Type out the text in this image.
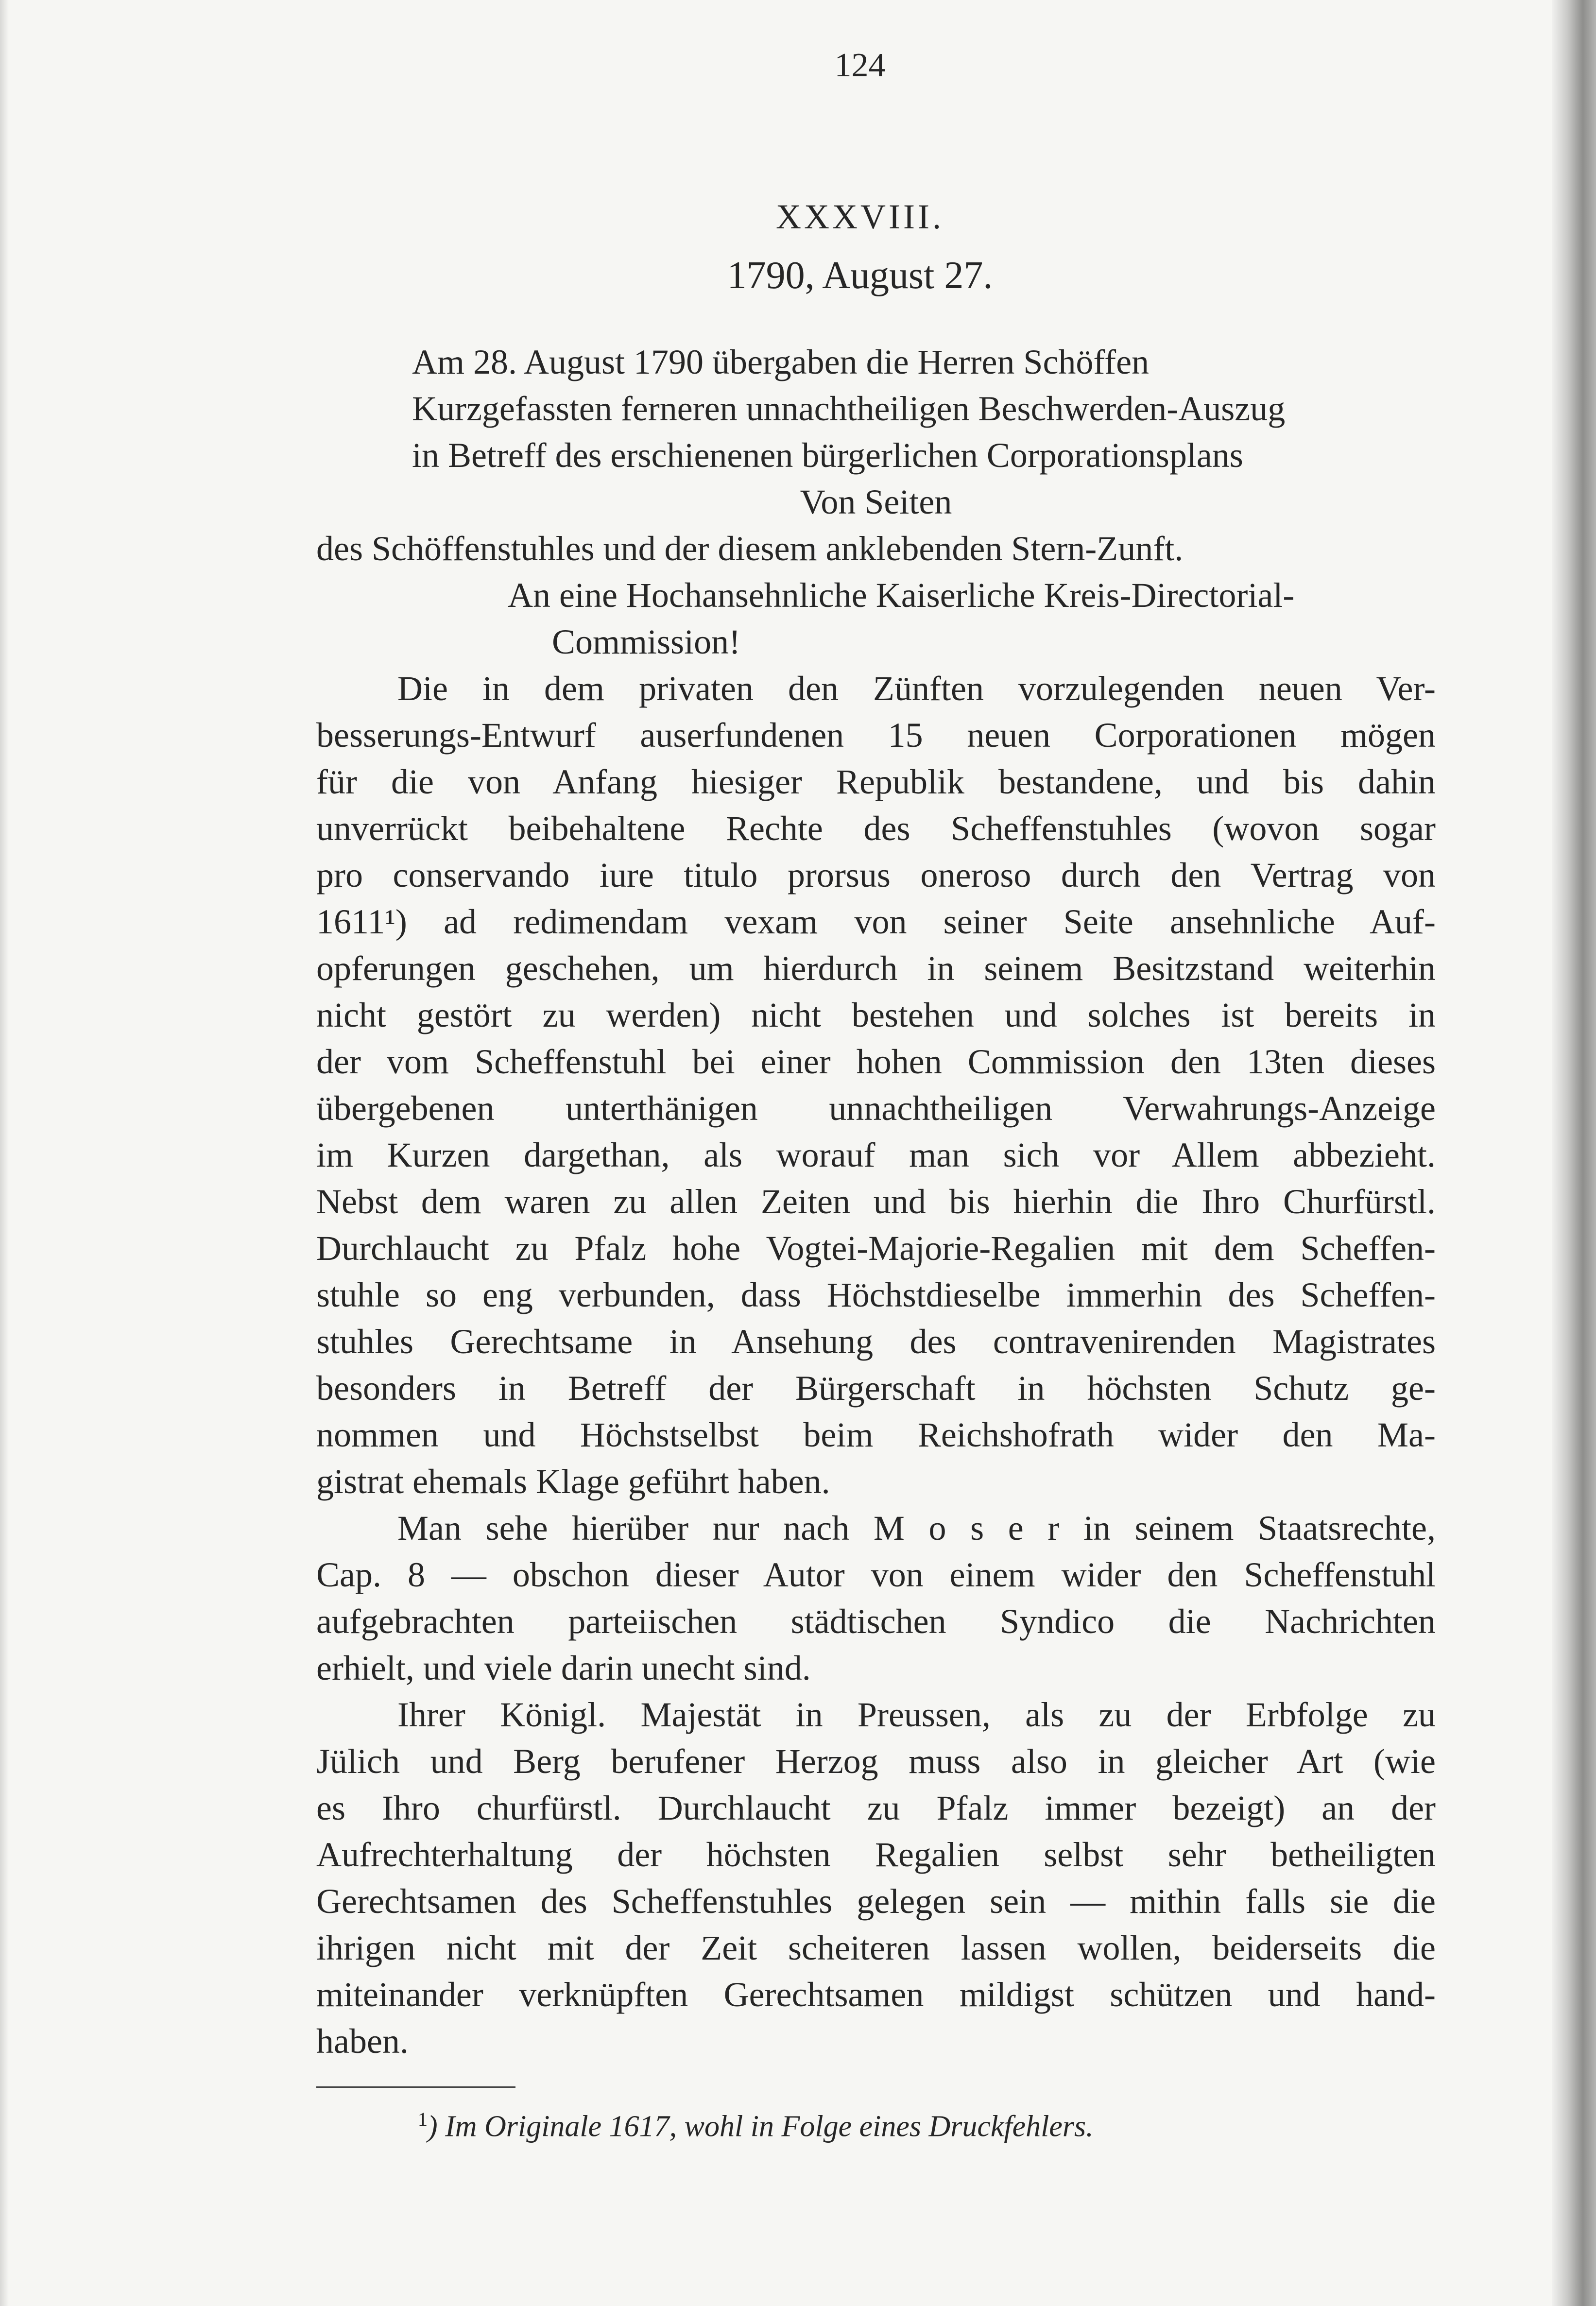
124
XXXVIII.
1790, August 27.
Am 28. August 1790 übergaben die Herren Schöffen
Kurzgefassten ferneren unnachtheiligen Beschwerden-Auszug
in Betreff des erschienenen bürgerlichen Corporationsplans
Von Seiten
des Schöffenstuhles und der diesem anklebenden Stern-Zunft.
An eine Hochansehnliche Kaiserliche Kreis-Directorial-
Commission!
Die in dem privaten den Zünften vorzulegenden neuen Ver-
besserungs-Entwurf auserfundenen 15 neuen Corporationen mögen
für die von Anfang hiesiger Republik bestandene, und bis dahin
unverrückt beibehaltene Rechte des Scheffenstuhles (wovon sogar
pro conservando iure titulo prorsus oneroso durch den Vertrag von
1611¹) ad redimendam vexam von seiner Seite ansehnliche Auf-
opferungen geschehen, um hierdurch in seinem Besitzstand weiterhin
nicht gestört zu werden) nicht bestehen und solches ist bereits in
der vom Scheffenstuhl bei einer hohen Commission den 13ten dieses
übergebenen unterthänigen unnachtheiligen Verwahrungs-Anzeige
im Kurzen dargethan, als worauf man sich vor Allem abbezieht.
Nebst dem waren zu allen Zeiten und bis hierhin die Ihro Churfürstl.
Durchlaucht zu Pfalz hohe Vogtei-Majorie-Regalien mit dem Scheffen-
stuhle so eng verbunden, dass Höchstdieselbe immerhin des Scheffen-
stuhles Gerechtsame in Ansehung des contravenirenden Magistrates
besonders in Betreff der Bürgerschaft in höchsten Schutz ge-
nommen und Höchstselbst beim Reichshofrath wider den Ma-
gistrat ehemals Klage geführt haben.
Man sehe hierüber nur nach M o s e r in seinem Staatsrechte,
Cap. 8 — obschon dieser Autor von einem wider den Scheffenstuhl
aufgebrachten parteiischen städtischen Syndico die Nachrichten
erhielt, und viele darin unecht sind.
Ihrer Königl. Majestät in Preussen, als zu der Erbfolge zu
Jülich und Berg berufener Herzog muss also in gleicher Art (wie
es Ihro churfürstl. Durchlaucht zu Pfalz immer bezeigt) an der
Aufrechterhaltung der höchsten Regalien selbst sehr betheiligten
Gerechtsamen des Scheffenstuhles gelegen sein — mithin falls sie die
ihrigen nicht mit der Zeit scheiteren lassen wollen, beiderseits die
miteinander verknüpften Gerechtsamen mildigst schützen und hand-
haben.
$^1$) Im Originale 1617, wohl in Folge eines Druckfehlers.
